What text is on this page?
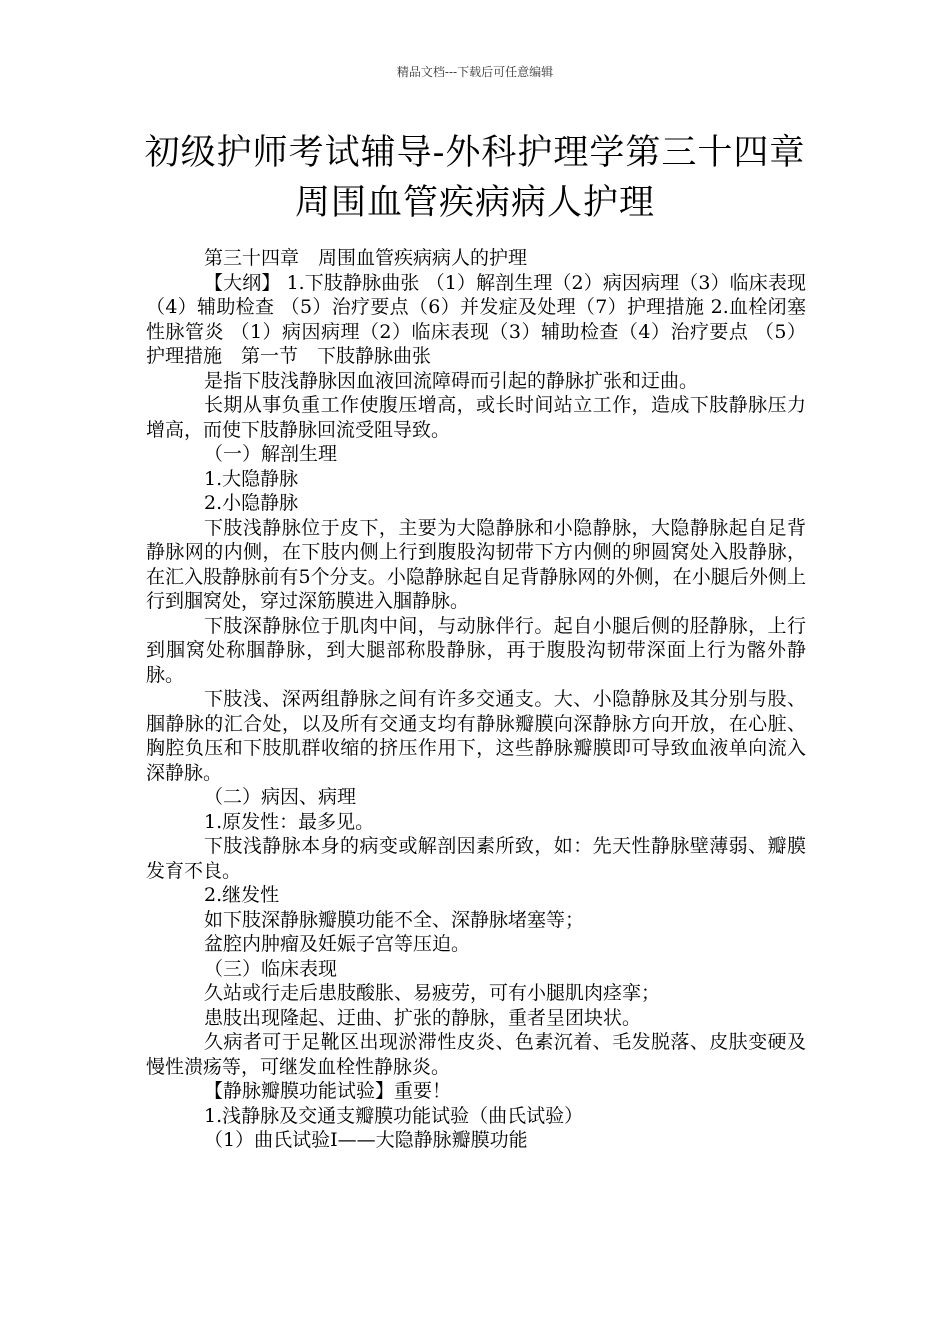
精品文档---下载后可任意编辑
初级护师考试辅导-外科护理学第三十四章
周围血管疾病病人护理

第三十四章　周围血管疾病病人的护理

【大纲】 1.下肢静脉曲张 （1）解剖生理（2）病因病理（3）临床表现（4）辅助检查 （5）治疗要点（6）并发症及处理（7）护理措施 2.血栓闭塞性脉管炎 （1）病因病理（2）临床表现（3）辅助检查（4）治疗要点 （5）护理措施　第一节　下肢静脉曲张

是指下肢浅静脉因血液回流障碍而引起的静脉扩张和迂曲。

长期从事负重工作使腹压增高，或长时间站立工作，造成下肢静脉压力增高，而使下肢静脉回流受阻导致。

（一）解剖生理

1.大隐静脉

2.小隐静脉

下肢浅静脉位于皮下，主要为大隐静脉和小隐静脉，大隐静脉起自足背静脉网的内侧，在下肢内侧上行到腹股沟韧带下方内侧的卵圆窝处入股静脉，在汇入股静脉前有5个分支。小隐静脉起自足背静脉网的外侧，在小腿后外侧上行到腘窝处，穿过深筋膜进入腘静脉。

下肢深静脉位于肌肉中间，与动脉伴行。起自小腿后侧的胫静脉，上行到腘窝处称腘静脉，到大腿部称股静脉，再于腹股沟韧带深面上行为髂外静脉。

下肢浅、深两组静脉之间有许多交通支。大、小隐静脉及其分别与股、腘静脉的汇合处，以及所有交通支均有静脉瓣膜向深静脉方向开放，在心脏、胸腔负压和下肢肌群收缩的挤压作用下，这些静脉瓣膜即可导致血液单向流入深静脉。

（二）病因、病理

1.原发性：最多见。

下肢浅静脉本身的病变或解剖因素所致，如：先天性静脉壁薄弱、瓣膜发育不良。

2.继发性

如下肢深静脉瓣膜功能不全、深静脉堵塞等；

盆腔内肿瘤及妊娠子宫等压迫。

（三）临床表现

久站或行走后患肢酸胀、易疲劳，可有小腿肌肉痉挛；

患肢出现隆起、迂曲、扩张的静脉，重者呈团块状。

久病者可于足靴区出现淤滞性皮炎、色素沉着、毛发脱落、皮肤变硬及慢性溃疡等，可继发血栓性静脉炎。

【静脉瓣膜功能试验】重要！

1.浅静脉及交通支瓣膜功能试验（曲氏试验）

（1）曲氏试验Ⅰ——大隐静脉瓣膜功能
